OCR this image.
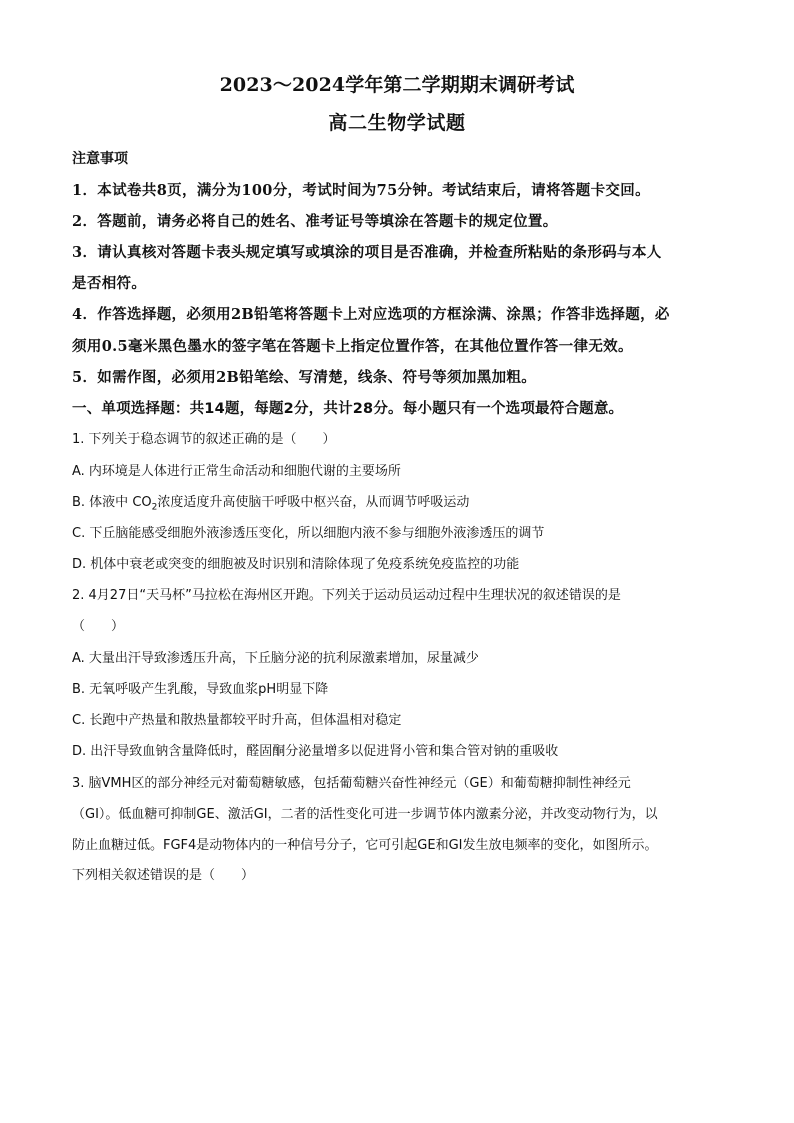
2023～2024学年第二学期期末调研考试
高二生物学试题
注意事项
1．本试卷共8页，满分为100分，考试时间为75分钟。考试结束后，请将答题卡交回。
2．答题前，请务必将自己的姓名、准考证号等填涂在答题卡的规定位置。
3．请认真核对答题卡表头规定填写或填涂的项目是否准确，并检查所粘贴的条形码与本人
是否相符。
4．作答选择题，必须用2B铅笔将答题卡上对应选项的方框涂满、涂黑；作答非选择题，必
须用0.5毫米黑色墨水的签字笔在答题卡上指定位置作答，在其他位置作答一律无效。
5．如需作图，必须用2B铅笔绘、写清楚，线条、符号等须加黑加粗。
一、单项选择题：共14题，每题2分，共计28分。每小题只有一个选项最符合题意。
1. 下列关于稳态调节的叙述正确的是（　　）
A. 内环境是人体进行正常生命活动和细胞代谢的主要场所
B. 体液中 $CO_2$浓度适度升高使脑干呼吸中枢兴奋，从而调节呼吸运动
C. 下丘脑能感受细胞外液渗透压变化，所以细胞内液不参与细胞外液渗透压的调节
D. 机体中衰老或突变的细胞被及时识别和清除体现了免疫系统免疫监控的功能
2. 4月27日“天马杯”马拉松在海州区开跑。下列关于运动员运动过程中生理状况的叙述错误的是
（　　）
A. 大量出汗导致渗透压升高，下丘脑分泌的抗利尿激素增加，尿量减少
B. 无氧呼吸产生乳酸，导致血浆pH明显下降
C. 长跑中产热量和散热量都较平时升高，但体温相对稳定
D. 出汗导致血钠含量降低时，醛固酮分泌量增多以促进肾小管和集合管对钠的重吸收
3. 脑VMH区的部分神经元对葡萄糖敏感，包括葡萄糖兴奋性神经元（GE）和葡萄糖抑制性神经元
（GI）。低血糖可抑制GE、激活GI，二者的活性变化可进一步调节体内激素分泌，并改变动物行为，以
防止血糖过低。FGF4是动物体内的一种信号分子，它可引起GE和GI发生放电频率的变化，如图所示。
下列相关叙述错误的是（　　）
